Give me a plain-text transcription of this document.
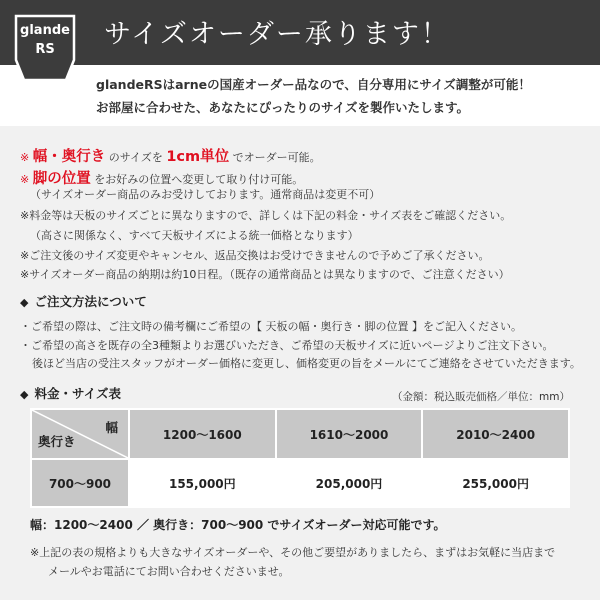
glande
RS	サイズオーダー承ります！
glandeRSはarneの国産オーダー品なので、自分専用にサイズ調整が可能！
お部屋に合わせた、あなたにぴったりのサイズを製作いたします。
※ 幅・奥行き のサイズを 1cm単位 でオーダー可能。
※ 脚の位置 をお好みの位置へ変更して取り付け可能。
（サイズオーダー商品のみお受けしております。通常商品は変更不可）
※料金等は天板のサイズごとに異なりますので、詳しくは下記の料金・サイズ表をご確認ください。
（高さに関係なく、すべて天板サイズによる統一価格となります）
※ご注文後のサイズ変更やキャンセル、返品交換はお受けできませんので予めご了承ください。
※サイズオーダー商品の納期は約10日程。（既存の通常商品とは異なりますので、ご注意ください）
◆ ご注文方法について
・ご希望の際は、ご注文時の備考欄にご希望の【 天板の幅・奥行き・脚の位置 】をご記入ください。
・ご希望の高さを既存の全3種類よりお選びいただき、ご希望の天板サイズに近いページよりご注文下さい。
後ほど当店の受注スタッフがオーダー価格に変更し、価格変更の旨をメールにてご連絡をさせていただきます。
◆ 料金・サイズ表	（金額：税込販売価格／単位：mm）
幅
奥行き	1200～1600	1610～2000	2010～2400
700～900	155,000円	205,000円	255,000円
幅：1200～2400 ／ 奥行き：700～900 でサイズオーダー対応可能です。
※上記の表の規格よりも大きなサイズオーダーや、その他ご要望がありましたら、まずはお気軽に当店まで
メールやお電話にてお問い合わせくださいませ。
